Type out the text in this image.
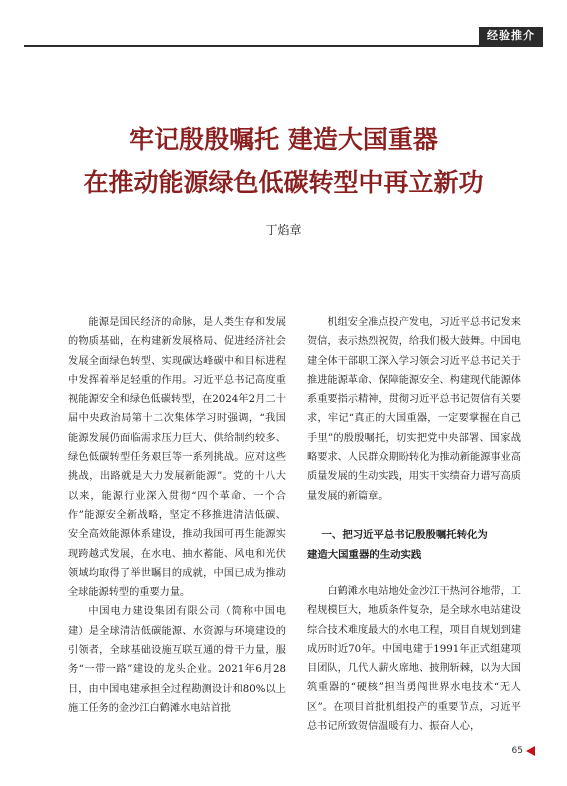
经验推介
牢记殷殷嘱托 建造大国重器
在推动能源绿色低碳转型中再立新功
丁焰章

能源是国民经济的命脉，是人类生存和发展的物质基础，在构建新发展格局、促进经济社会发展全面绿色转型、实现碳达峰碳中和目标进程中发挥着举足轻重的作用。习近平总书记高度重视能源安全和绿色低碳转型，在2024年2月二十届中央政治局第十二次集体学习时强调，“我国能源发展仍面临需求压力巨大、供给制约较多、绿色低碳转型任务艰巨等一系列挑战。应对这些挑战，出路就是大力发展新能源”。党的十八大以来，能源行业深入贯彻“四个革命、一个合作”能源安全新战略，坚定不移推进清洁低碳、安全高效能源体系建设，推动我国可再生能源实现跨越式发展，在水电、抽水蓄能、风电和光伏领域均取得了举世瞩目的成就，中国已成为推动全球能源转型的重要力量。

中国电力建设集团有限公司（简称中国电建）是全球清洁低碳能源、水资源与环境建设的引领者，全球基础设施互联互通的骨干力量，服务“一带一路”建设的龙头企业。2021年6月28日，由中国电建承担全过程勘测设计和80%以上施工任务的金沙江白鹤滩水电站首批

机组安全准点投产发电，习近平总书记发来贺信，表示热烈祝贺，给我们极大鼓舞。中国电建全体干部职工深入学习领会习近平总书记关于推进能源革命、保障能源安全、构建现代能源体系重要指示精神，贯彻习近平总书记贺信有关要求，牢记“真正的大国重器，一定要掌握在自己手里”的殷殷嘱托，切实把党中央部署、国家战略要求、人民群众期盼转化为推动新能源事业高质量发展的生动实践，用实干实绩奋力谱写高质量发展的新篇章。

一、把习近平总书记殷殷嘱托转化为
建造大国重器的生动实践

白鹤滩水电站地处金沙江干热河谷地带，工程规模巨大，地质条件复杂，是全球水电站建设综合技术难度最大的水电工程，项目自规划到建成历时近70年。中国电建于1991年正式组建项目团队，几代人薪火席地、披荆斩棘，以为大国筑重器的“硬核”担当勇闯世界水电技术“无人区”。在项目首批机组投产的重要节点，习近平总书记所致贺信温暖有力、振奋人心，

65
